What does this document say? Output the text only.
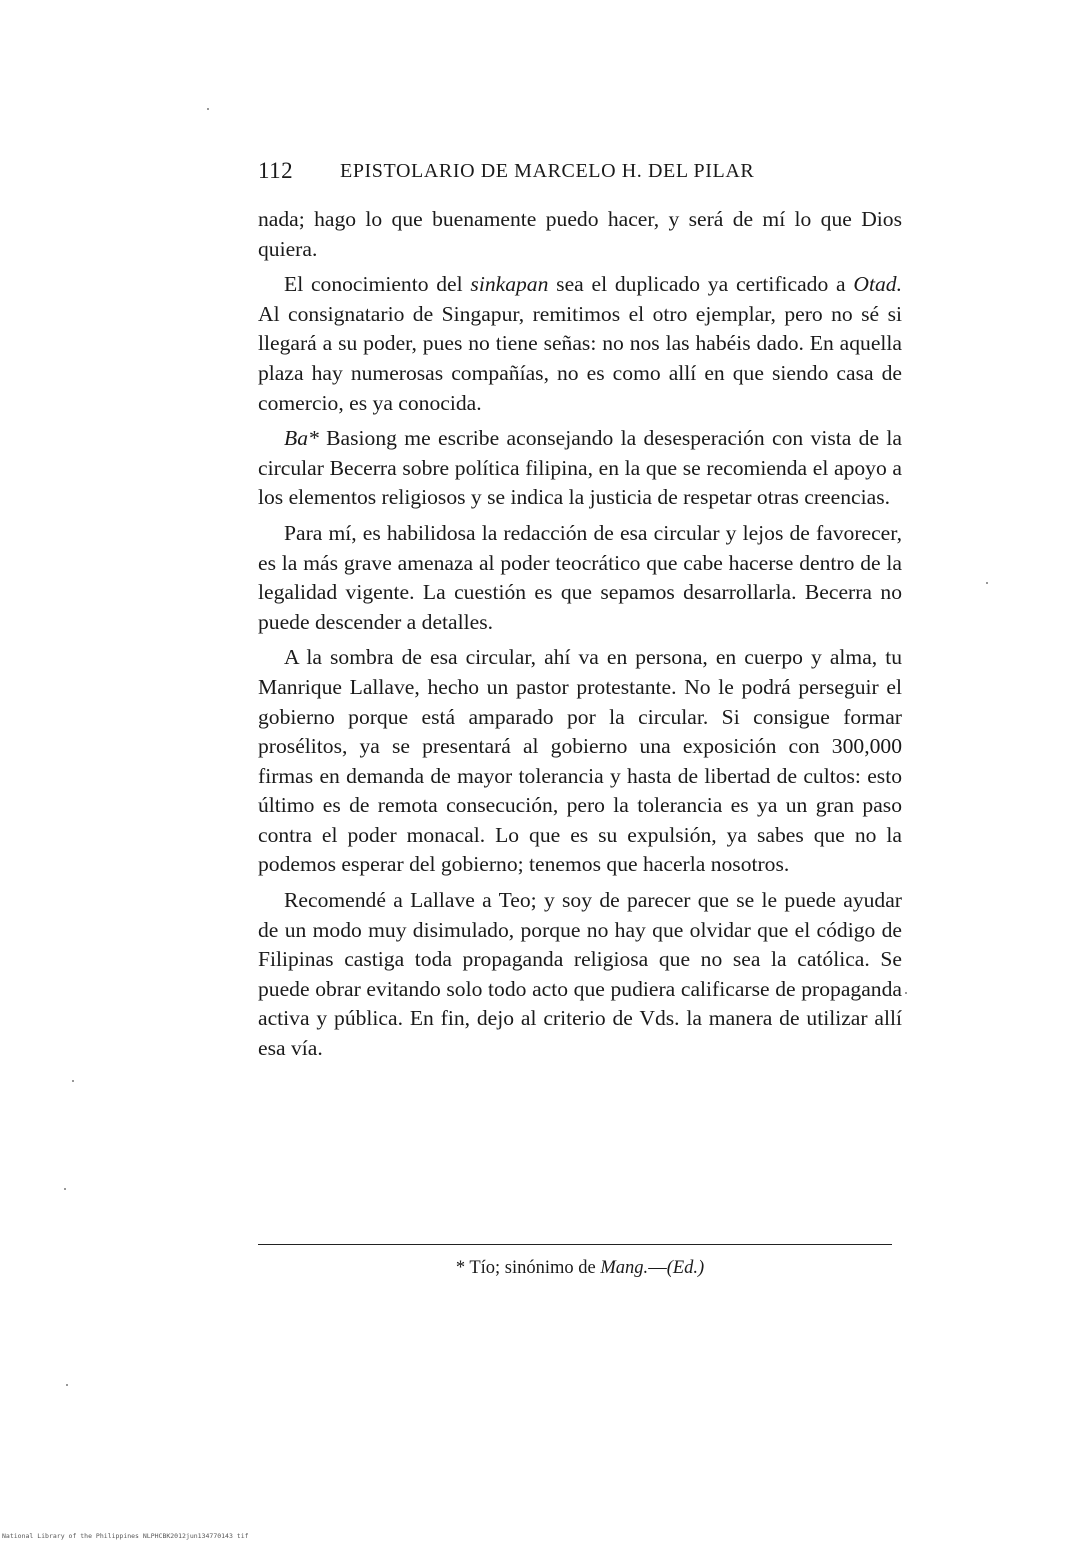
112 EPISTOLARIO DE MARCELO H. DEL PILAR

nada; hago lo que buenamente puedo hacer, y será de mí lo que Dios quiera.

El conocimiento del sinkapan sea el duplicado ya certificado a Otad. Al consignatario de Singapur, remitimos el otro ejemplar, pero no sé si llegará a su poder, pues no tiene señas: no nos las habéis dado. En aquella plaza hay numerosas compañías, no es como allí en que siendo casa de comercio, es ya conocida.

Ba* Basiong me escribe aconsejando la desesperación con vista de la circular Becerra sobre política filipina, en la que se recomienda el apoyo a los elementos religiosos y se indica la justicia de respetar otras creencias.

Para mí, es habilidosa la redacción de esa circular y lejos de favorecer, es la más grave amenaza al poder teocrático que cabe hacerse dentro de la legalidad vigente. La cuestión es que sepamos desarrollarla. Becerra no puede descender a detalles.

A la sombra de esa circular, ahí va en persona, en cuerpo y alma, tu Manrique Lallave, hecho un pastor protestante. No le podrá perseguir el gobierno porque está amparado por la circular. Si consigue formar prosélitos, ya se presentará al gobierno una exposición con 300,000 firmas en demanda de mayor tolerancia y hasta de libertad de cultos: esto último es de remota consecución, pero la tolerancia es ya un gran paso contra el poder monacal. Lo que es su expulsión, ya sabes que no la podemos esperar del gobierno; tenemos que hacerla nosotros.

Recomendé a Lallave a Teo; y soy de parecer que se le puede ayudar de un modo muy disimulado, porque no hay que olvidar que el código de Filipinas castiga toda propaganda religiosa que no sea la católica. Se puede obrar evitando solo todo acto que pudiera calificarse de propaganda activa y pública. En fin, dejo al criterio de Vds. la manera de utilizar allí esa vía.

* Tío; sinónimo de Mang.—(Ed.)
National Library of the Philippines NLPHCBK2012jun134770143 tif
